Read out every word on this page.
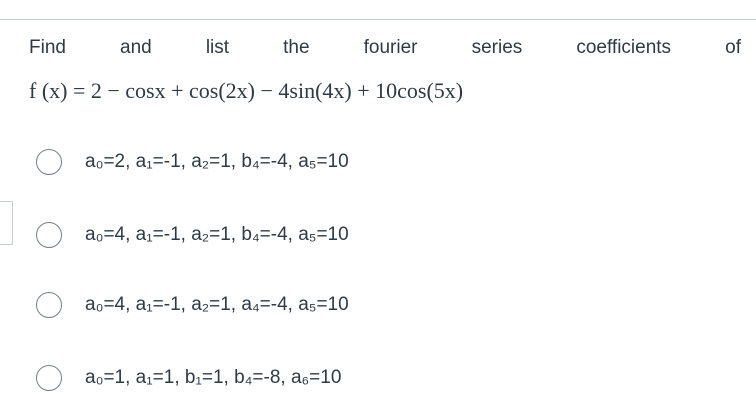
Find	and	list	the	fourier	series	coefficients	of
f (x) = 2 − cosx + cos(2x) − 4sin(4x) + 10cos(5x)
a₀=2, a₁=-1, a₂=1, b₄=-4, a₅=10
a₀=4, a₁=-1, a₂=1, b₄=-4, a₅=10
a₀=4, a₁=-1, a₂=1, a₄=-4, a₅=10
a₀=1, a₁=1, b₁=1, b₄=-8, a₆=10
